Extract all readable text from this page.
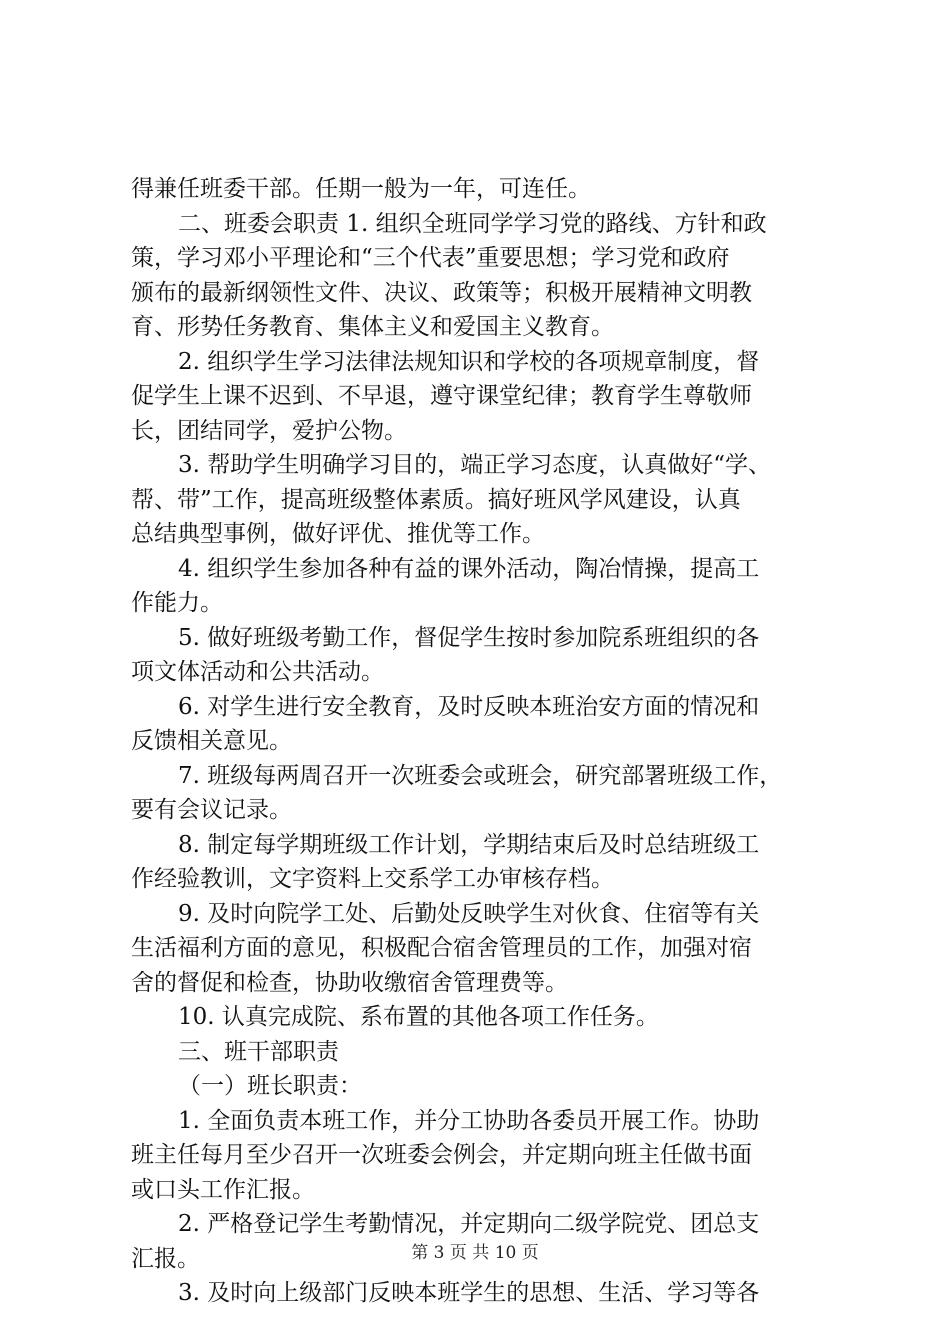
得兼任班委干部。任期一般为一年，可连任。
二、班委会职责 1. 组织全班同学学习党的路线、方针和政
策，学习邓小平理论和“三个代表”重要思想；学习党和政府
颁布的最新纲领性文件、决议、政策等；积极开展精神文明教
育、形势任务教育、集体主义和爱国主义教育。
2. 组织学生学习法律法规知识和学校的各项规章制度，督
促学生上课不迟到、不早退，遵守课堂纪律；教育学生尊敬师
长，团结同学，爱护公物。
3. 帮助学生明确学习目的，端正学习态度，认真做好“学、
帮、带”工作，提高班级整体素质。搞好班风学风建设，认真
总结典型事例，做好评优、推优等工作。
4. 组织学生参加各种有益的课外活动，陶冶情操，提高工
作能力。
5. 做好班级考勤工作，督促学生按时参加院系班组织的各
项文体活动和公共活动。
6. 对学生进行安全教育，及时反映本班治安方面的情况和
反馈相关意见。
7. 班级每两周召开一次班委会或班会，研究部署班级工作，
要有会议记录。
8. 制定每学期班级工作计划，学期结束后及时总结班级工
作经验教训，文字资料上交系学工办审核存档。
9. 及时向院学工处、后勤处反映学生对伙食、住宿等有关
生活福利方面的意见，积极配合宿舍管理员的工作，加强对宿
舍的督促和检查，协助收缴宿舍管理费等。
10. 认真完成院、系布置的其他各项工作任务。
三、班干部职责
（一）班长职责：
1. 全面负责本班工作，并分工协助各委员开展工作。协助
班主任每月至少召开一次班委会例会，并定期向班主任做书面
或口头工作汇报。
2. 严格登记学生考勤情况，并定期向二级学院党、团总支
汇报。
3. 及时向上级部门反映本班学生的思想、生活、学习等各
第 3 页 共 10 页
